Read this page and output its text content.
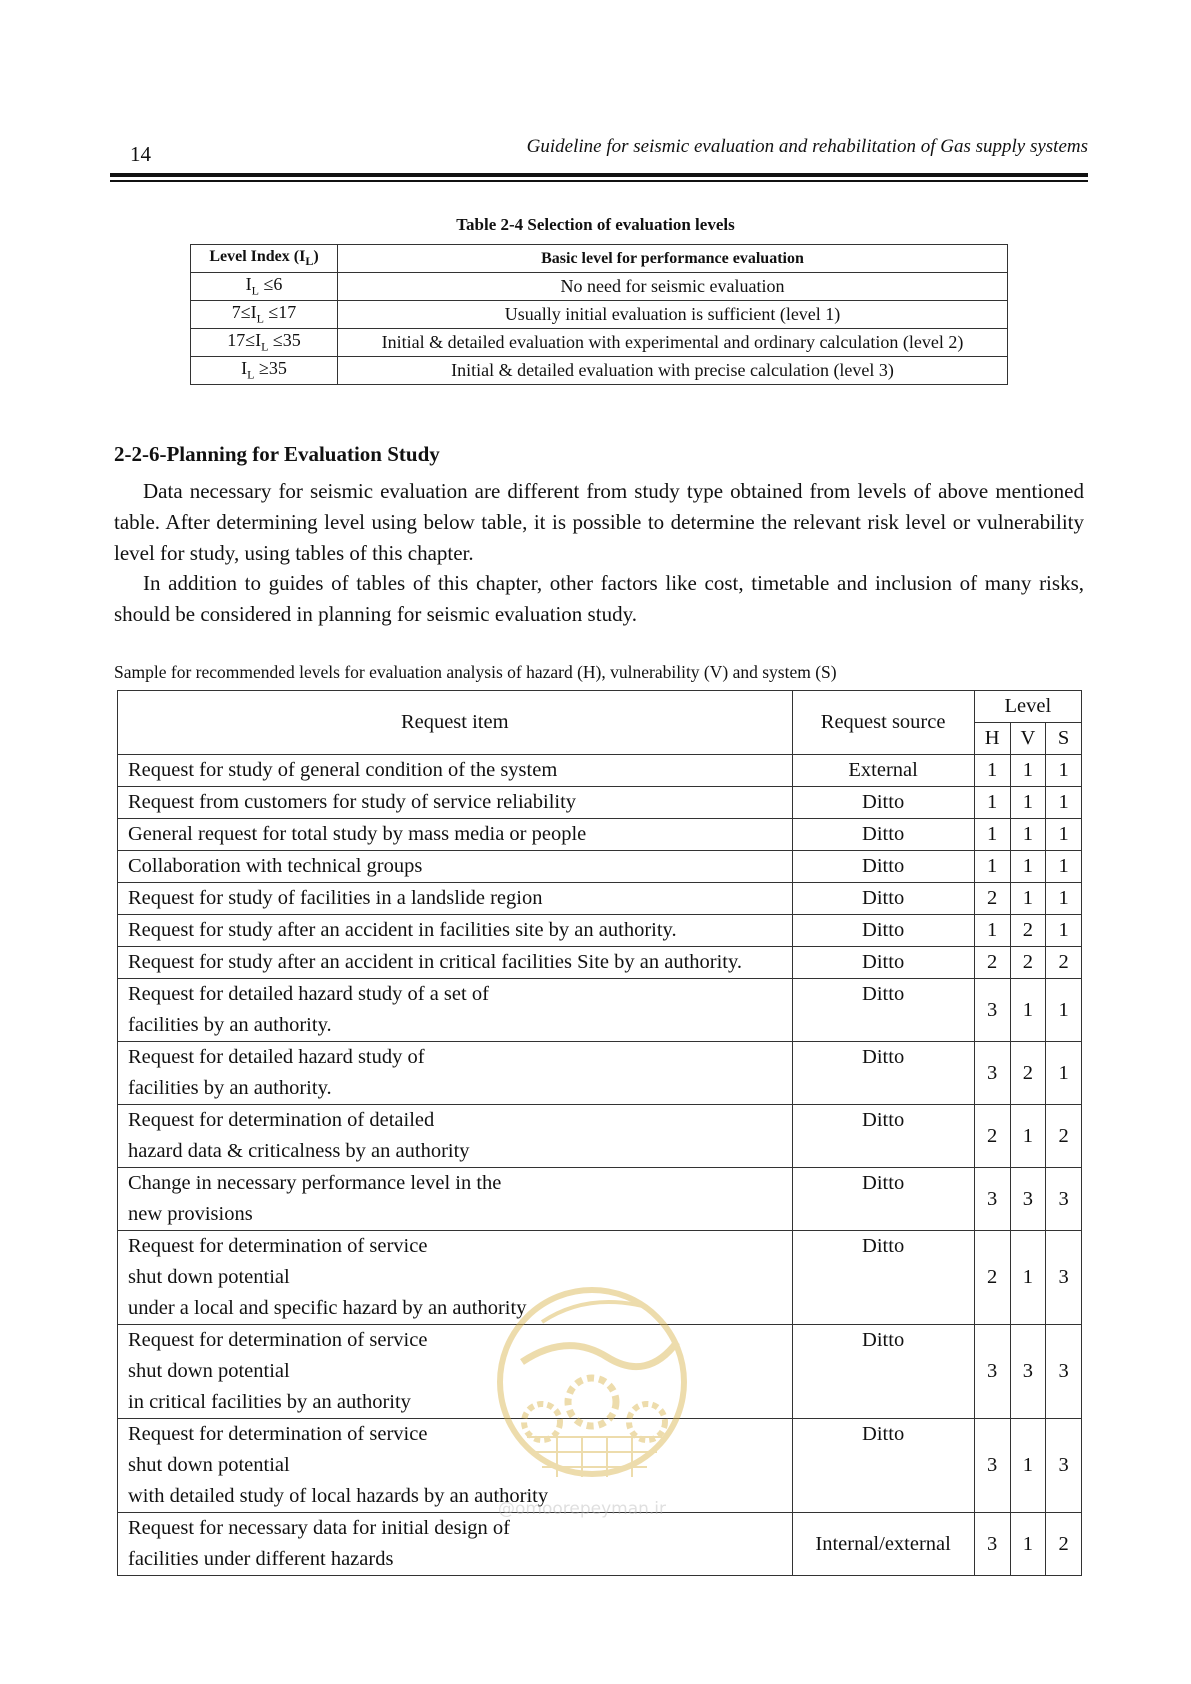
14	Guideline for seismic evaluation and rehabilitation of Gas supply systems
Table 2-4 Selection of evaluation levels
Level Index $(I_L)$	Basic level for performance evaluation
$I_L \le 6$	No need for seismic evaluation
$7\le I_L \le 17$	Usually initial evaluation is sufficient (level 1)
$17\le I_L \le 35$	Initial & detailed evaluation with experimental and ordinary calculation (level 2)
$I_L \ge 35$	Initial & detailed evaluation with precise calculation (level 3)
2-2-6-Planning for Evaluation Study

Data necessary for seismic evaluation are different from study type obtained from levels of above mentioned table. After determining level using below table, it is possible to determine the relevant risk level or vulnerability level for study, using tables of this chapter.

In addition to guides of tables of this chapter, other factors like cost, timetable and inclusion of many risks, should be considered in planning for seismic evaluation study.

Sample for recommended levels for evaluation analysis of hazard (H), vulnerability (V) and system (S)
Request item	Request source	Level		
		H	V	S

Request for study of general condition of the system	External	1	1	1

Request from customers for study of service reliability	Ditto	1	1	1

General request for total study by mass media or people	Ditto	1	1	1

Collaboration with technical groups	Ditto	1	1	1

Request for study of facilities in a landslide region	Ditto	2	1	1

Request for study after an accident in facilities site by an authority.	Ditto	1	2	1

Request for study after an accident in critical facilities Site by an authority.	Ditto	2	2	2

Request for detailed hazard study of a set of
facilities by an authority.	Ditto	3	1	1

Request for detailed hazard study of
facilities by an authority.	Ditto	3	2	1

Request for determination of detailed
hazard data & criticalness by an authority	Ditto	2	1	2

Change in necessary performance level in the
new provisions	Ditto	3	3	3

Request for determination of service
shut down potential
under a local and specific hazard by an authority	Ditto	2	1	3

Request for determination of service
shut down potential
in critical facilities by an authority	Ditto	3	3	3

Request for determination of service
shut down potential
with detailed study of local hazards by an authority	Ditto	3	1	3

Request for necessary data for initial design of
facilities under different hazards	Internal/external	3	1	2
@omoorepeyman.ir
